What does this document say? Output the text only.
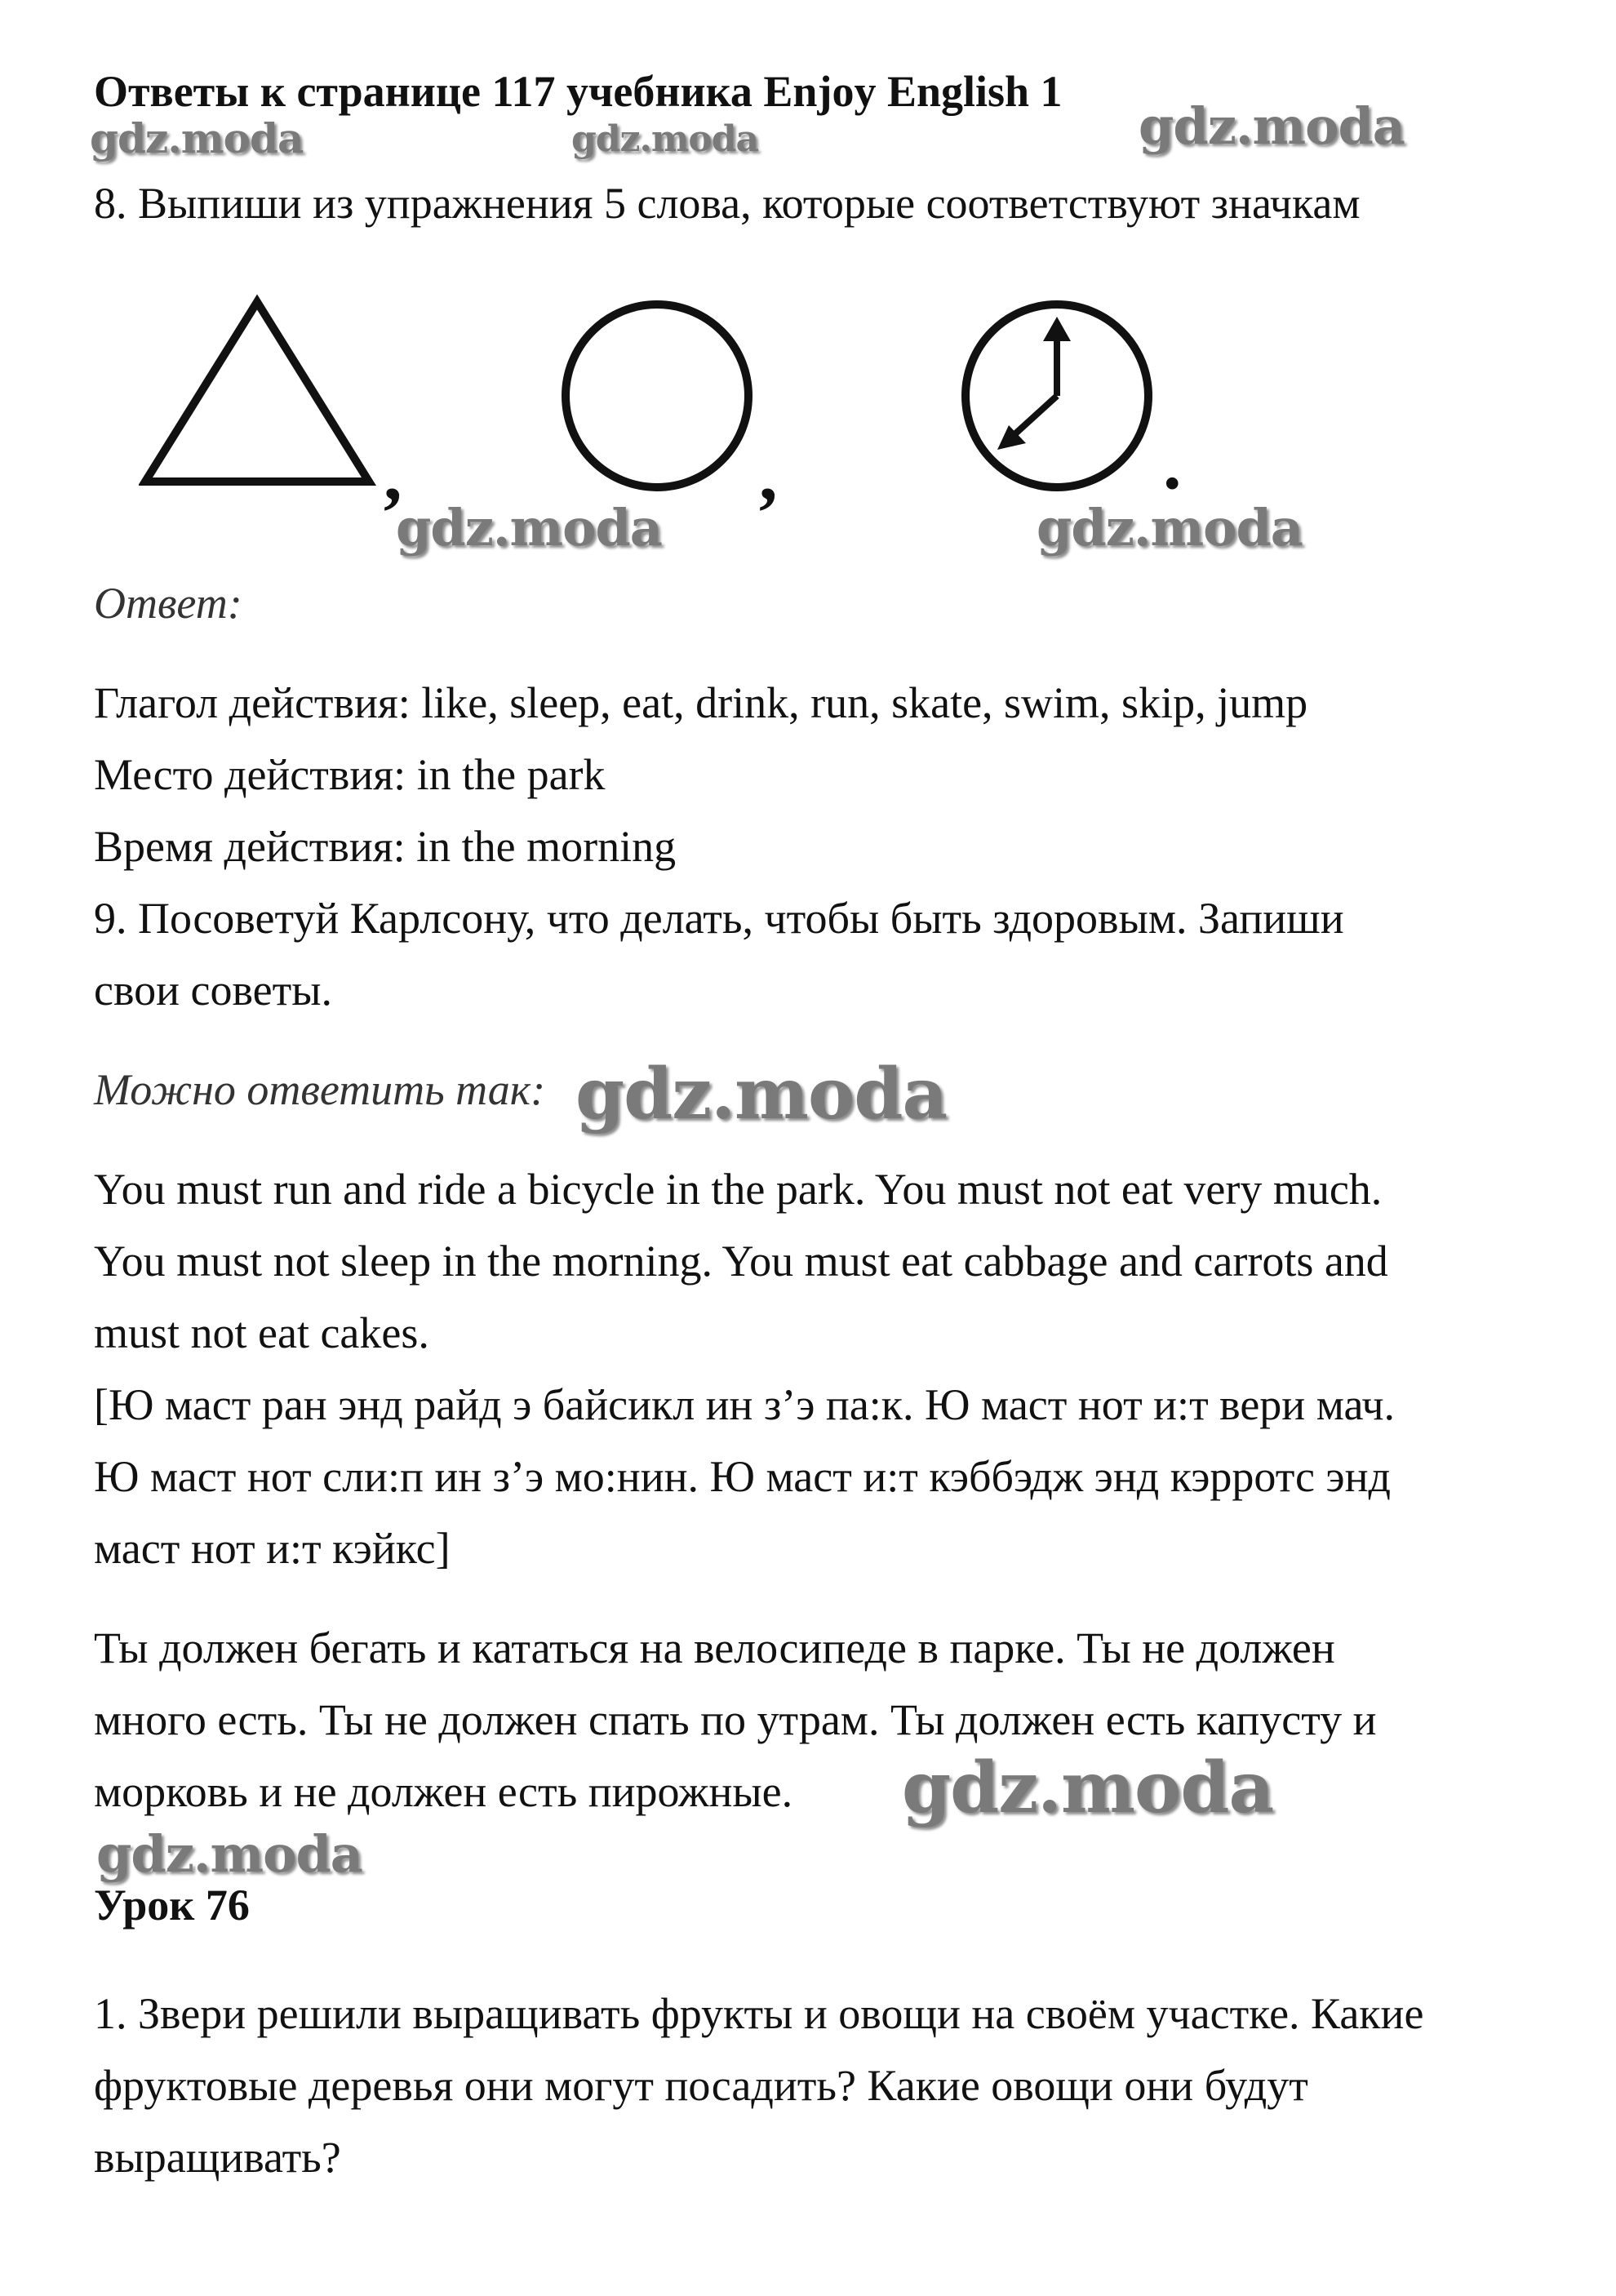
Ответы к странице 117 учебника Enjoy English 1

gdz.moda	gdz.moda	gdz.moda

8. Выпиши из упражнения 5 слова, которые соответствуют значкам

,	,	.
gdz.moda	gdz.moda

Ответ:

Глагол действия: like, sleep, eat, drink, run, skate, swim, skip, jump

Место действия: in the park

Время действия: in the morning

9. Посоветуй Карлсону, что делать, чтобы быть здоровым. Запиши

свои советы.

Можно ответить так: gdz.moda

You must run and ride a bicycle in the park. You must not eat very much.

You must not sleep in the morning. You must eat cabbage and carrots and

must not eat cakes.

[Ю маст ран энд райд э байсикл ин з’э па:к. Ю маст нот и:т вери мач.

Ю маст нот сли:п ин з’э мо:нин. Ю маст и:т кэббэдж энд кэрротс энд

маст нот и:т кэйкс]

Ты должен бегать и кататься на велосипеде в парке. Ты не должен

много есть. Ты не должен спать по утрам. Ты должен есть капусту и

морковь и не должен есть пирожные. gdz.moda
gdz.moda

Урок 76

1. Звери решили выращивать фрукты и овощи на своём участке. Какие

фруктовые деревья они могут посадить? Какие овощи они будут

выращивать?
